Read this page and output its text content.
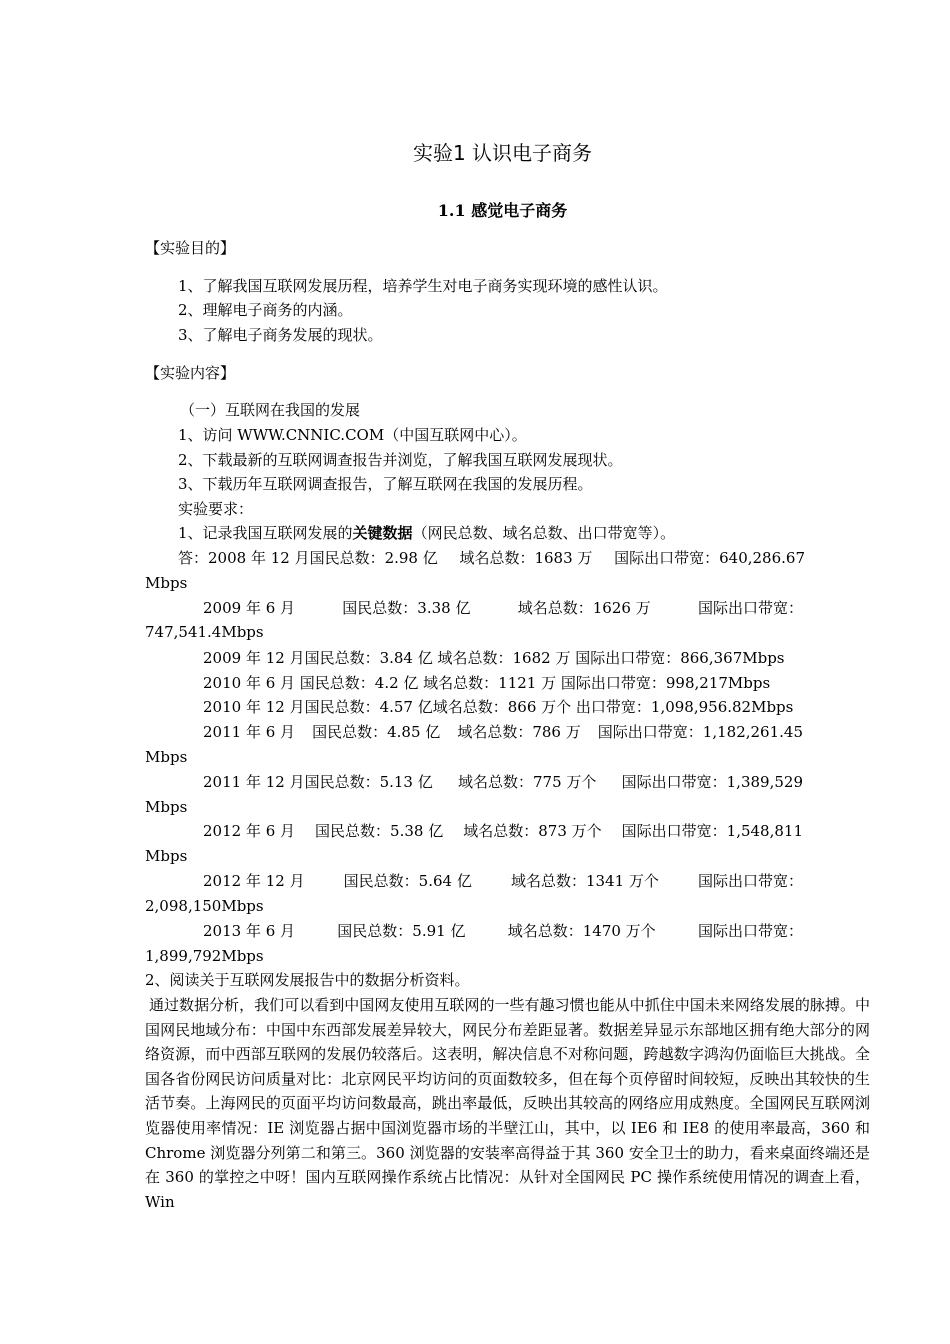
实验1 认识电子商务
1.1 感觉电子商务
【实验目的】
1、了解我国互联网发展历程，培养学生对电子商务实现环境的感性认识。
2、理解电子商务的内涵。
3、了解电子商务发展的现状。
【实验内容】
（一）互联网在我国的发展
1、访问 WWW.CNNIC.COM（中国互联网中心）。
2、下载最新的互联网调查报告并浏览，了解我国互联网发展现状。
3、下载历年互联网调查报告，了解互联网在我国的发展历程。
实验要求：
1、记录我国互联网发展的关键数据（网民总数、域名总数、出口带宽等）。
答：2008 年 12 月国民总数：2.98 亿 域名总数：1683 万 国际出口带宽：640,286.67
Mbps
2009 年 6 月	国民总数：3.38 亿	域名总数：1626 万	国际出口带宽：
747,541.4Mbps
2009 年 12 月国民总数：3.84 亿 域名总数：1682 万 国际出口带宽：866,367Mbps
2010 年 6 月 国民总数：4.2 亿 域名总数：1121 万 国际出口带宽：998,217Mbps
2010 年 12 月国民总数：4.57 亿域名总数：866 万个 出口带宽：1,098,956.82Mbps
2011 年 6 月 国民总数：4.85 亿 域名总数：786 万 国际出口带宽：1,182,261.45
Mbps
2011 年 12 月国民总数：5.13 亿 域名总数：775 万个 国际出口带宽：1,389,529
Mbps
2012 年 6 月 国民总数：5.38 亿 域名总数：873 万个 国际出口带宽：1,548,811
Mbps
2012 年 12 月	国民总数：5.64 亿	域名总数：1341 万个	国际出口带宽：
2,098,150Mbps
2013 年 6 月	国民总数：5.91 亿	域名总数：1470 万个	国际出口带宽：
1,899,792Mbps
2、阅读关于互联网发展报告中的数据分析资料。
通过数据分析，我们可以看到中国网友使用互联网的一些有趣习惯也能从中抓住中国未来网络发展的脉搏。中国网民地域分布：中国中东西部发展差异较大，网民分布差距显著。数据差异显示东部地区拥有绝大部分的网络资源，而中西部互联网的发展仍较落后。这表明，解决信息不对称问题，跨越数字鸿沟仍面临巨大挑战。全国各省份网民访问质量对比：北京网民平均访问的页面数较多，但在每个页停留时间较短，反映出其较快的生活节奏。上海网民的页面平均访问数最高，跳出率最低，反映出其较高的网络应用成熟度。全国网民互联网浏览器使用率情况：IE 浏览器占据中国浏览器市场的半壁江山，其中，以 IE6 和 IE8 的使用率最高，360 和 Chrome 浏览器分列第二和第三。360 浏览器的安装率高得益于其 360 安全卫士的助力，看来桌面终端还是在 360 的掌控之中呀！国内互联网操作系统占比情况：从针对全国网民 PC 操作系统使用情况的调查上看，Win
